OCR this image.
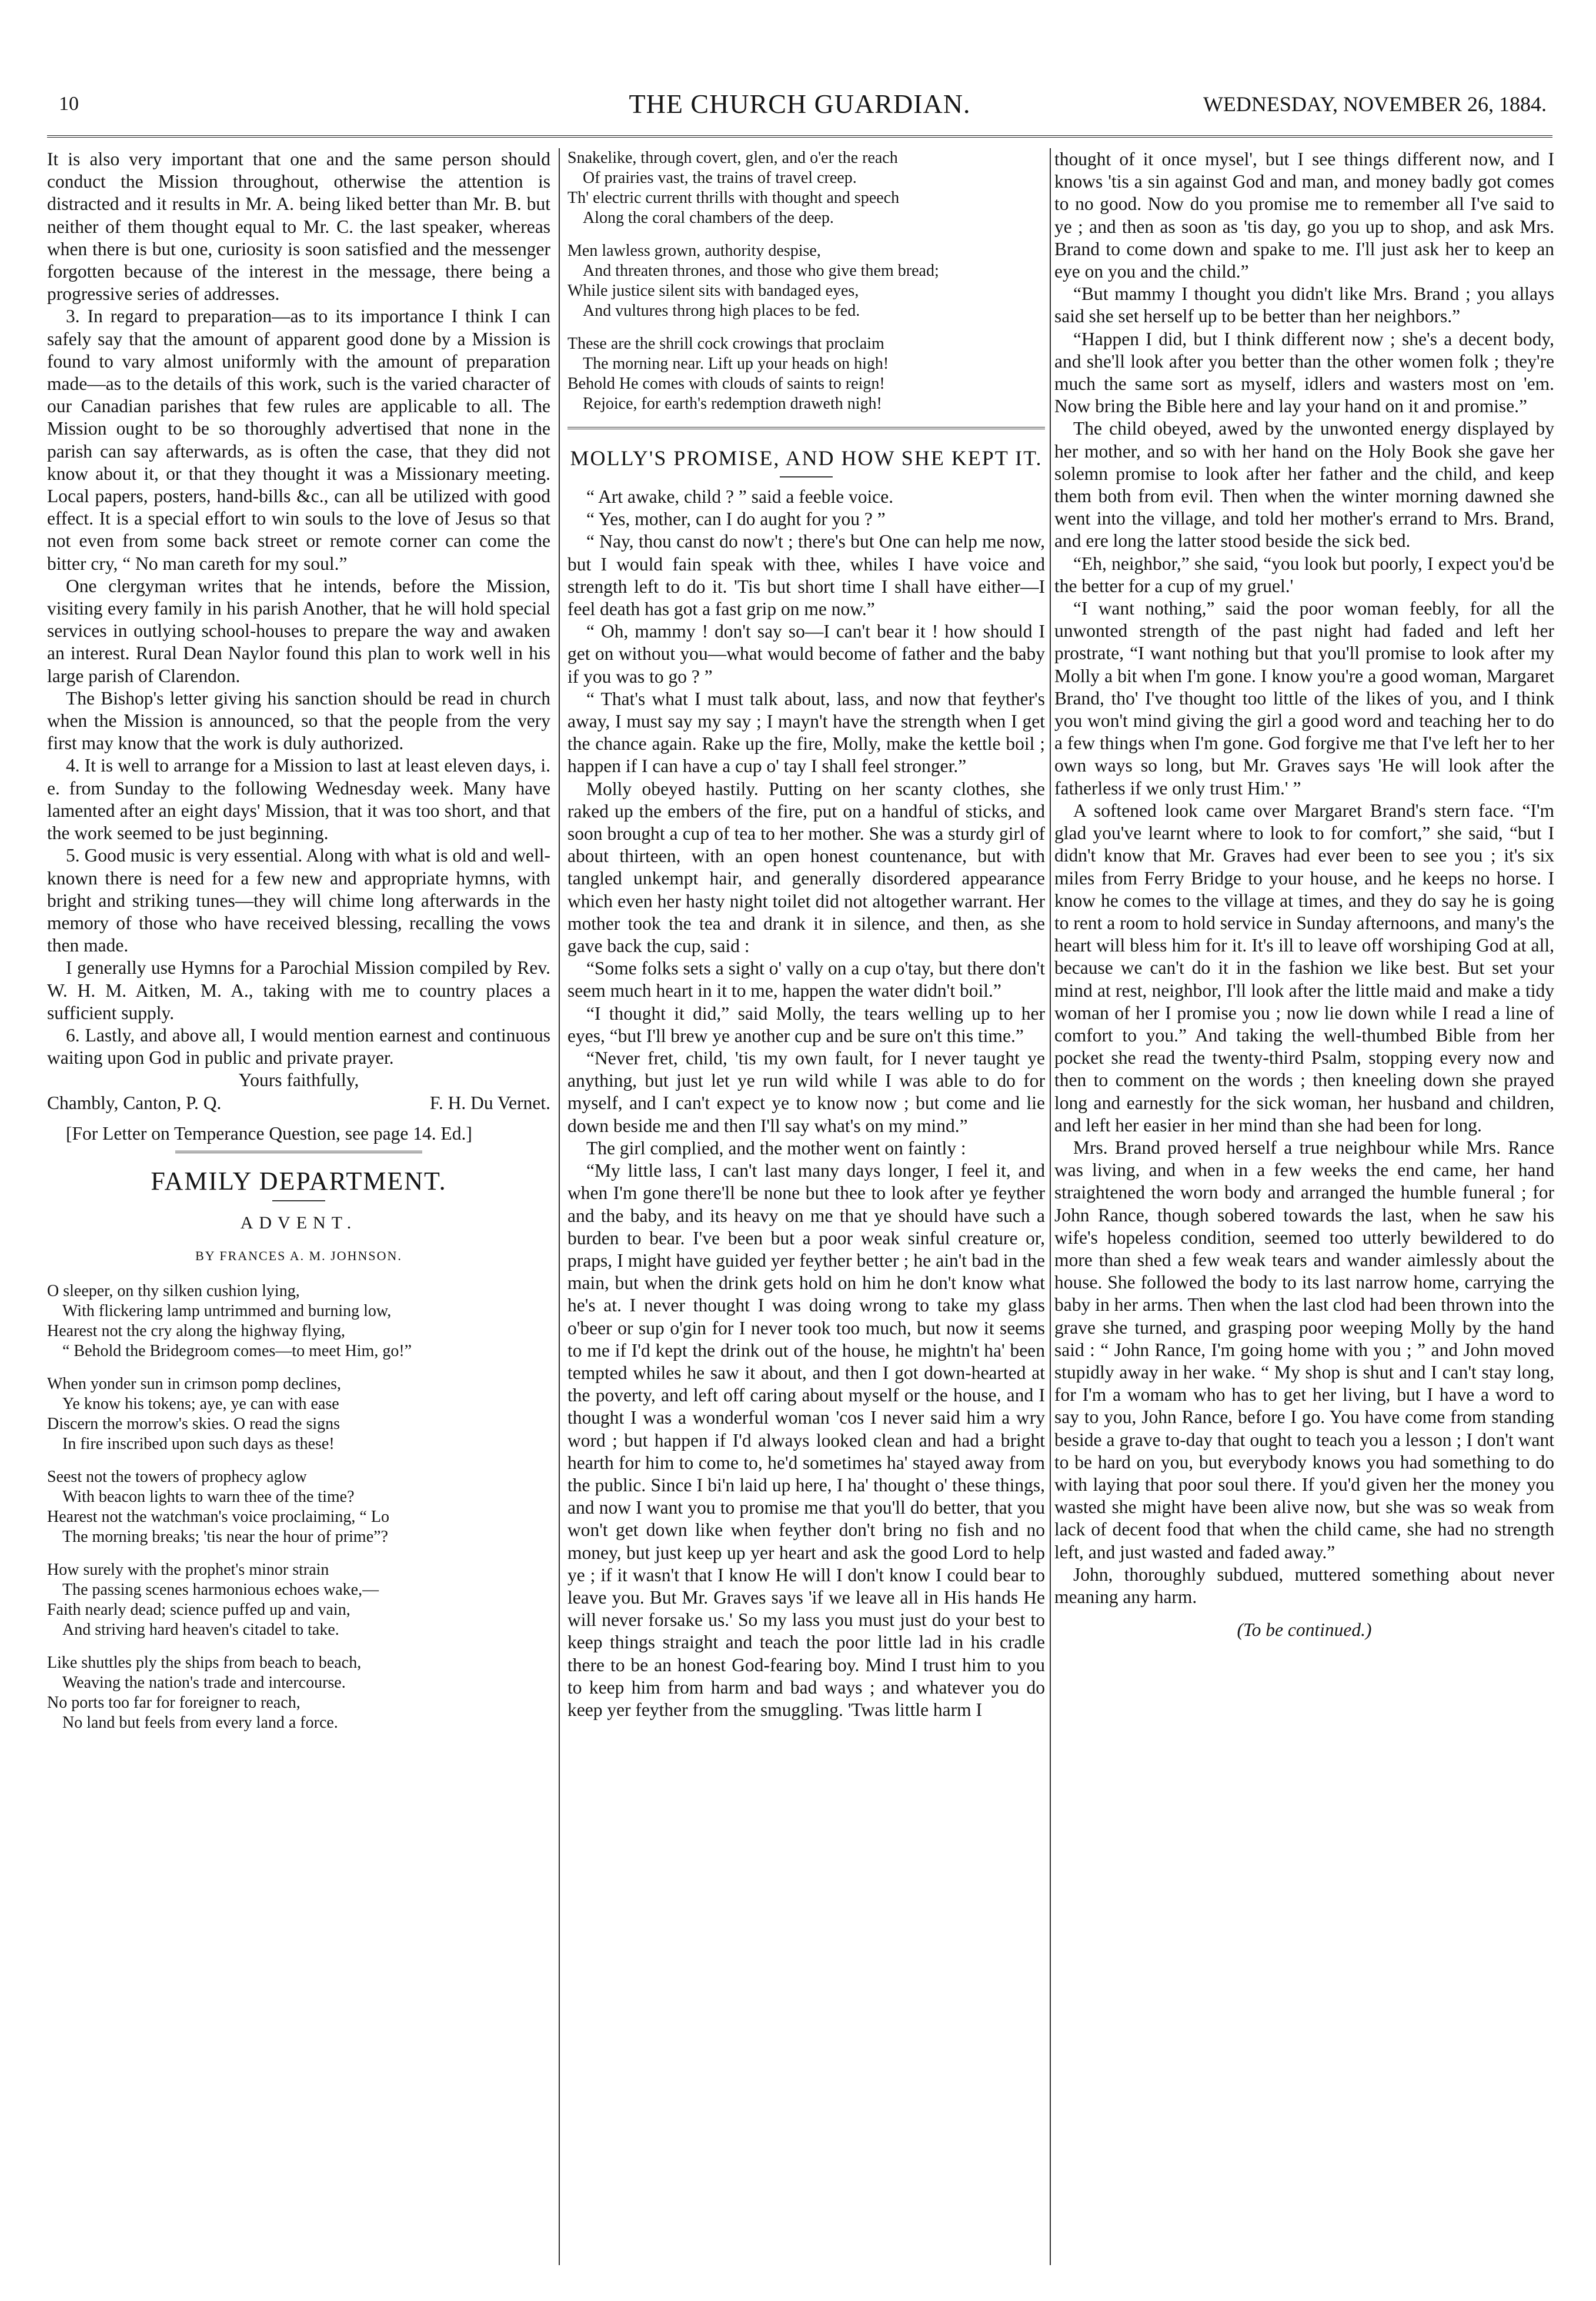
10	THE CHURCH GUARDIAN.	WEDNESDAY, NOVEMBER 26, 1884.

It is also very important that one and the same person should conduct the Mission throughout, otherwise the attention is distracted and it results in Mr. A. being liked better than Mr. B. but neither of them thought equal to Mr. C. the last speaker, whereas when there is but one, curiosity is soon satisfied and the messenger forgotten because of the interest in the message, there being a progressive series of addresses.

3. In regard to preparation—as to its importance I think I can safely say that the amount of apparent good done by a Mission is found to vary almost uniformly with the amount of preparation made—as to the details of this work, such is the varied character of our Canadian parishes that few rules are applicable to all. The Mission ought to be so thoroughly advertised that none in the parish can say afterwards, as is often the case, that they did not know about it, or that they thought it was a Missionary meeting. Local papers, posters, hand-bills &c., can all be utilized with good effect. It is a special effort to win souls to the love of Jesus so that not even from some back street or remote corner can come the bitter cry, “ No man careth for my soul.”

One clergyman writes that he intends, before the Mission, visiting every family in his parish Another, that he will hold special services in outlying school-houses to prepare the way and awaken an interest. Rural Dean Naylor found this plan to work well in his large parish of Clarendon.

The Bishop's letter giving his sanction should be read in church when the Mission is announced, so that the people from the very first may know that the work is duly authorized.

4. It is well to arrange for a Mission to last at least eleven days, i. e. from Sunday to the following Wednesday week. Many have lamented after an eight days' Mission, that it was too short, and that the work seemed to be just beginning.

5. Good music is very essential. Along with what is old and well-known there is need for a few new and appropriate hymns, with bright and striking tunes—they will chime long afterwards in the memory of those who have received blessing, recalling the vows then made.

I generally use Hymns for a Parochial Mission compiled by Rev. W. H. M. Aitken, M. A., taking with me to country places a sufficient supply.

6. Lastly, and above all, I would mention earnest and continuous waiting upon God in public and private prayer.

Yours faithfully,
Chambly, Canton, P. Q.	F. H. Du Vernet.

[For Letter on Temperance Question, see page 14. Ed.]

FAMILY DEPARTMENT.
ADVENT.
BY FRANCES A. M. JOHNSON.
O sleeper, on thy silken cushion lying,
With flickering lamp untrimmed and burning low,
Hearest not the cry along the highway flying,
“ Behold the Bridegroom comes—to meet Him, go!”
When yonder sun in crimson pomp declines,
Ye know his tokens; aye, ye can with ease
Discern the morrow's skies. O read the signs
In fire inscribed upon such days as these!
Seest not the towers of prophecy aglow
With beacon lights to warn thee of the time?
Hearest not the watchman's voice proclaiming, “ Lo
The morning breaks; 'tis near the hour of prime”?
How surely with the prophet's minor strain
The passing scenes harmonious echoes wake,—
Faith nearly dead; science puffed up and vain,
And striving hard heaven's citadel to take.
Like shuttles ply the ships from beach to beach,
Weaving the nation's trade and intercourse.
No ports too far for foreigner to reach,
No land but feels from every land a force.
Snakelike, through covert, glen, and o'er the reach
Of prairies vast, the trains of travel creep.
Th' electric current thrills with thought and speech
Along the coral chambers of the deep.
Men lawless grown, authority despise,
And threaten thrones, and those who give them bread;
While justice silent sits with bandaged eyes,
And vultures throng high places to be fed.
These are the shrill cock crowings that proclaim
The morning near. Lift up your heads on high!
Behold He comes with clouds of saints to reign!
Rejoice, for earth's redemption draweth nigh!
MOLLY'S PROMISE, AND HOW SHE KEPT IT.

“ Art awake, child ? ” said a feeble voice.

“ Yes, mother, can I do aught for you ? ”

“ Nay, thou canst do now't ; there's but One can help me now, but I would fain speak with thee, whiles I have voice and strength left to do it. 'Tis but short time I shall have either—I feel death has got a fast grip on me now.”

“ Oh, mammy ! don't say so—I can't bear it ! how should I get on without you—what would become of father and the baby if you was to go ? ”

“ That's what I must talk about, lass, and now that feyther's away, I must say my say ; I mayn't have the strength when I get the chance again. Rake up the fire, Molly, make the kettle boil ; happen if I can have a cup o' tay I shall feel stronger.”

Molly obeyed hastily. Putting on her scanty clothes, she raked up the embers of the fire, put on a handful of sticks, and soon brought a cup of tea to her mother. She was a sturdy girl of about thirteen, with an open honest countenance, but with tangled unkempt hair, and generally disordered appearance which even her hasty night toilet did not altogether warrant. Her mother took the tea and drank it in silence, and then, as she gave back the cup, said :

“Some folks sets a sight o' vally on a cup o'tay, but there don't seem much heart in it to me, happen the water didn't boil.”

“I thought it did,” said Molly, the tears welling up to her eyes, “but I'll brew ye another cup and be sure on't this time.”

“Never fret, child, 'tis my own fault, for I never taught ye anything, but just let ye run wild while I was able to do for myself, and I can't expect ye to know now ; but come and lie down beside me and then I'll say what's on my mind.”

The girl complied, and the mother went on faintly :

“My little lass, I can't last many days longer, I feel it, and when I'm gone there'll be none but thee to look after ye feyther and the baby, and its heavy on me that ye should have such a burden to bear. I've been but a poor weak sinful creature or, praps, I might have guided yer feyther better ; he ain't bad in the main, but when the drink gets hold on him he don't know what he's at. I never thought I was doing wrong to take my glass o'beer or sup o'gin for I never took too much, but now it seems to me if I'd kept the drink out of the house, he mightn't ha' been tempted whiles he saw it about, and then I got down-hearted at the poverty, and left off caring about myself or the house, and I thought I was a wonderful woman 'cos I never said him a wry word ; but happen if I'd always looked clean and had a bright hearth for him to come to, he'd sometimes ha' stayed away from the public. Since I bi'n laid up here, I ha' thought o' these things, and now I want you to promise me that you'll do better, that you won't get down like when feyther don't bring no fish and no money, but just keep up yer heart and ask the good Lord to help ye ; if it wasn't that I know He will I don't know I could bear to leave you. But Mr. Graves says 'if we leave all in His hands He will never forsake us.' So my lass you must just do your best to keep things straight and teach the poor little lad in his cradle there to be an honest God-fearing boy. Mind I trust him to you to keep him from harm and bad ways ; and whatever you do keep yer feyther from the smuggling. 'Twas little harm I

thought of it once mysel', but I see things different now, and I knows 'tis a sin against God and man, and money badly got comes to no good. Now do you promise me to remember all I've said to ye ; and then as soon as 'tis day, go you up to shop, and ask Mrs. Brand to come down and spake to me. I'll just ask her to keep an eye on you and the child.”

“But mammy I thought you didn't like Mrs. Brand ; you allays said she set herself up to be better than her neighbors.”

“Happen I did, but I think different now ; she's a decent body, and she'll look after you better than the other women folk ; they're much the same sort as myself, idlers and wasters most on 'em. Now bring the Bible here and lay your hand on it and promise.”

The child obeyed, awed by the unwonted energy displayed by her mother, and so with her hand on the Holy Book she gave her solemn promise to look after her father and the child, and keep them both from evil. Then when the winter morning dawned she went into the village, and told her mother's errand to Mrs. Brand, and ere long the latter stood beside the sick bed.

“Eh, neighbor,” she said, “you look but poorly, I expect you'd be the better for a cup of my gruel.'

“I want nothing,” said the poor woman feebly, for all the unwonted strength of the past night had faded and left her prostrate, “I want nothing but that you'll promise to look after my Molly a bit when I'm gone. I know you're a good woman, Margaret Brand, tho' I've thought too little of the likes of you, and I think you won't mind giving the girl a good word and teaching her to do a few things when I'm gone. God forgive me that I've left her to her own ways so long, but Mr. Graves says 'He will look after the fatherless if we only trust Him.' ”

A softened look came over Margaret Brand's stern face. “I'm glad you've learnt where to look to for comfort,” she said, “but I didn't know that Mr. Graves had ever been to see you ; it's six miles from Ferry Bridge to your house, and he keeps no horse. I know he comes to the village at times, and they do say he is going to rent a room to hold service in Sunday afternoons, and many's the heart will bless him for it. It's ill to leave off worshiping God at all, because we can't do it in the fashion we like best. But set your mind at rest, neighbor, I'll look after the little maid and make a tidy woman of her I promise you ; now lie down while I read a line of comfort to you.” And taking the well-thumbed Bible from her pocket she read the twenty-third Psalm, stopping every now and then to comment on the words ; then kneeling down she prayed long and earnestly for the sick woman, her husband and children, and left her easier in her mind than she had been for long.

Mrs. Brand proved herself a true neighbour while Mrs. Rance was living, and when in a few weeks the end came, her hand straightened the worn body and arranged the humble funeral ; for John Rance, though sobered towards the last, when he saw his wife's hopeless condition, seemed too utterly bewildered to do more than shed a few weak tears and wander aimlessly about the house. She followed the body to its last narrow home, carrying the baby in her arms. Then when the last clod had been thrown into the grave she turned, and grasping poor weeping Molly by the hand said : “ John Rance, I'm going home with you ; ” and John moved stupidly away in her wake. “ My shop is shut and I can't stay long, for I'm a womam who has to get her living, but I have a word to say to you, John Rance, before I go. You have come from standing beside a grave to-day that ought to teach you a lesson ; I don't want to be hard on you, but everybody knows you had something to do with laying that poor soul there. If you'd given her the money you wasted she might have been alive now, but she was so weak from lack of decent food that when the child came, she had no strength left, and just wasted and faded away.”

John, thoroughly subdued, muttered something about never meaning any harm.

(To be continued.)
